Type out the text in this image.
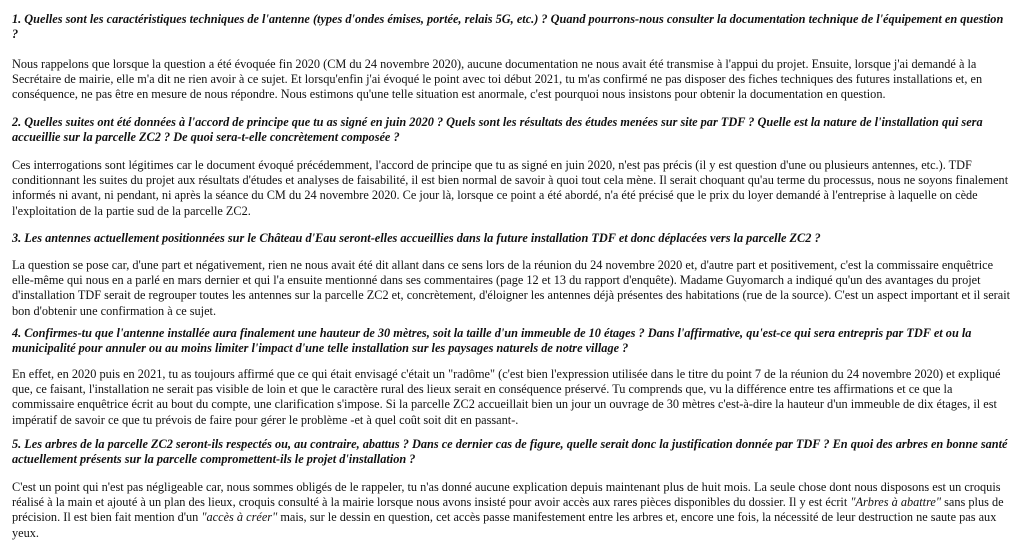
1. Quelles sont les caractéristiques techniques de l'antenne (types d'ondes émises, portée, relais 5G, etc.) ? Quand pourrons-nous consulter la documentation technique de l'équipement en question ?

Nous rappelons que lorsque la question a été évoquée fin 2020 (CM du 24 novembre 2020), aucune documentation ne nous avait été transmise à l'appui du projet. Ensuite, lorsque j'ai demandé à la Secrétaire de mairie, elle m'a dit ne rien avoir à ce sujet. Et lorsqu'enfin j'ai évoqué le point avec toi début 2021, tu m'as confirmé ne pas disposer des fiches techniques des futures installations et, en conséquence, ne pas être en mesure de nous répondre. Nous estimons qu'une telle situation est anormale, c'est pourquoi nous insistons pour obtenir la documentation en question.

2. Quelles suites ont été données à l'accord de principe que tu as signé en juin 2020 ? Quels sont les résultats des études menées sur site par TDF ? Quelle est la nature de l'installation qui sera accueillie sur la parcelle ZC2 ? De quoi sera-t-elle concrètement composée ?

Ces interrogations sont légitimes car le document évoqué précédemment, l'accord de principe que tu as signé en juin 2020, n'est pas précis (il y est question d'une ou plusieurs antennes, etc.). TDF conditionnant les suites du projet aux résultats d'études et analyses de faisabilité, il est bien normal de savoir à quoi tout cela mène. Il serait choquant qu'au terme du processus, nous ne soyons finalement informés ni avant, ni pendant, ni après la séance du CM du 24 novembre 2020. Ce jour là, lorsque ce point a été abordé, n'a été précisé que le prix du loyer demandé à l'entreprise à laquelle on cède l'exploitation de la partie sud de la parcelle ZC2.

3. Les antennes actuellement positionnées sur le Château d'Eau seront-elles accueillies dans la future installation TDF et donc déplacées vers la parcelle ZC2 ?

La question se pose car, d'une part et négativement, rien ne nous avait été dit allant dans ce sens lors de la réunion du 24 novembre 2020 et, d'autre part et positivement, c'est la commissaire enquêtrice elle-même qui nous en a parlé en mars dernier et qui l'a ensuite mentionné dans ses commentaires (page 12 et 13 du rapport d'enquête). Madame Guyomarch a indiqué qu'un des avantages du projet d'installation TDF serait de regrouper toutes les antennes sur la parcelle ZC2 et, concrètement, d'éloigner les antennes déjà présentes des habitations (rue de la source). C'est un aspect important et il serait bon d'obtenir une confirmation à ce sujet.

4. Confirmes-tu que l'antenne installée aura finalement une hauteur de 30 mètres, soit la taille d'un immeuble de 10 étages ? Dans l'affirmative, qu'est-ce qui sera entrepris par TDF et ou la municipalité pour annuler ou au moins limiter l'impact d'une telle installation sur les paysages naturels de notre village ?

En effet, en 2020 puis en 2021, tu as toujours affirmé que ce qui était envisagé c'était un "radôme" (c'est bien l'expression utilisée dans le titre du point 7 de la réunion du 24 novembre 2020) et expliqué que, ce faisant, l'installation ne serait pas visible de loin et que le caractère rural des lieux serait en conséquence préservé. Tu comprends que, vu la différence entre tes affirmations et ce que la commissaire enquêtrice écrit au bout du compte, une clarification s'impose. Si la parcelle ZC2 accueillait bien un jour un ouvrage de 30 mètres c'est-à-dire la hauteur d'un immeuble de dix étages, il est impératif de savoir ce que tu prévois de faire pour gérer le problème -et à quel coût soit dit en passant-.

5. Les arbres de la parcelle ZC2 seront-ils respectés ou, au contraire, abattus ? Dans ce dernier cas de figure, quelle serait donc la justification donnée par TDF ? En quoi des arbres en bonne santé actuellement présents sur la parcelle compromettent-ils le projet d'installation ?

C'est un point qui n'est pas négligeable car, nous sommes obligés de le rappeler, tu n'as donné aucune explication depuis maintenant plus de huit mois. La seule chose dont nous disposons est un croquis réalisé à la main et ajouté à un plan des lieux, croquis consulté à la mairie lorsque nous avons insisté pour avoir accès aux rares pièces disponibles du dossier. Il y est écrit "Arbres à abattre" sans plus de précision. Il est bien fait mention d'un "accès à créer" mais, sur le dessin en question, cet accès passe manifestement entre les arbres et, encore une fois, la nécessité de leur destruction ne saute pas aux yeux.
